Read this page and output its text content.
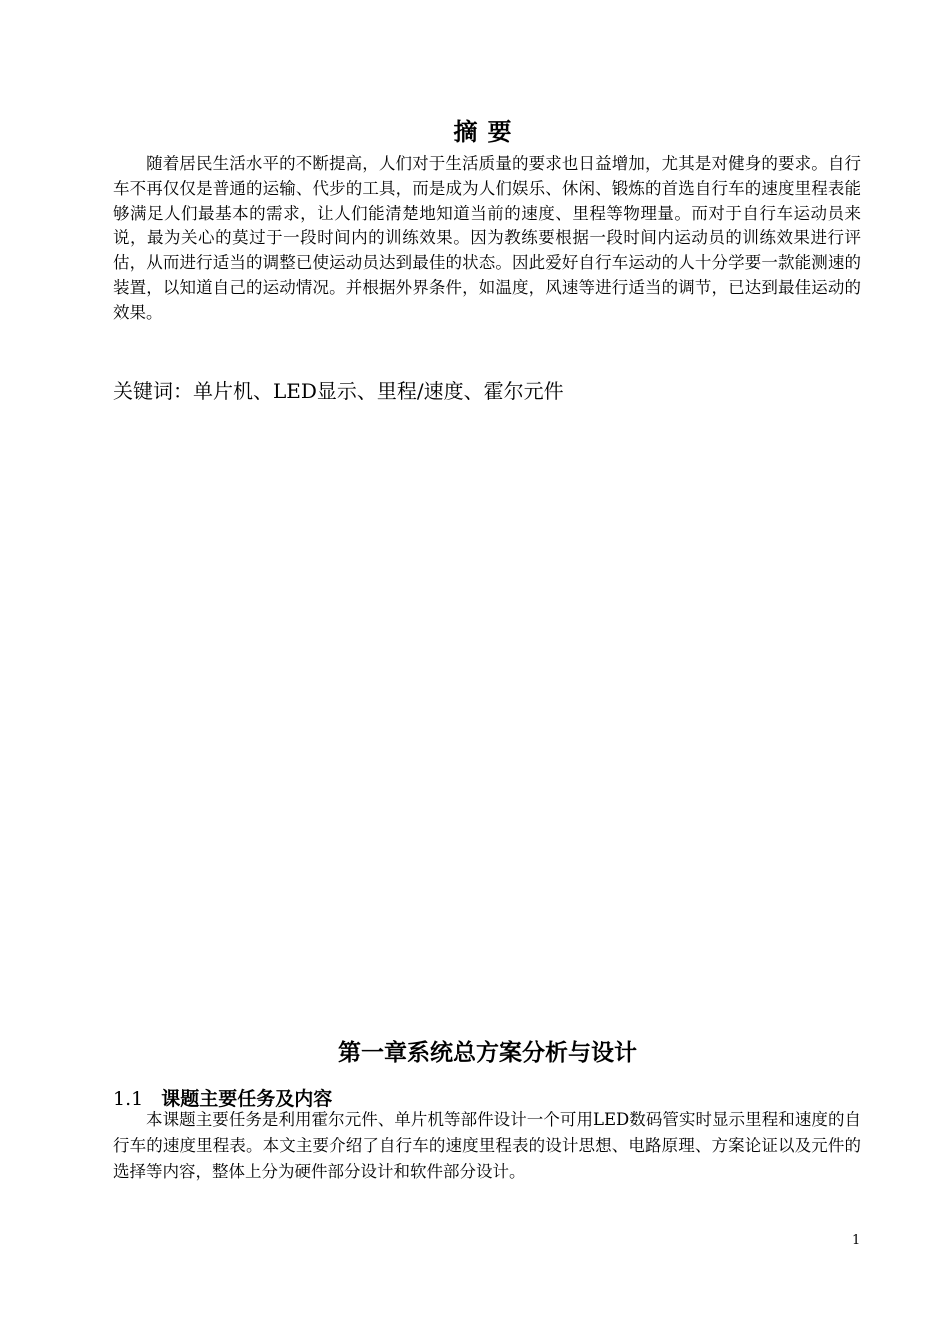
摘要

随着居民生活水平的不断提高，人们对于生活质量的要求也日益增加，尤其是对健身的要求。自行车不再仅仅是普通的运输、代步的工具，而是成为人们娱乐、休闲、锻炼的首选自行车的速度里程表能够满足人们最基本的需求，让人们能清楚地知道当前的速度、里程等物理量。而对于自行车运动员来说，最为关心的莫过于一段时间内的训练效果。因为教练要根据一段时间内运动员的训练效果进行评估，从而进行适当的调整已使运动员达到最佳的状态。因此爱好自行车运动的人十分学要一款能测速的装置，以知道自己的运动情况。并根据外界条件，如温度，风速等进行适当的调节，已达到最佳运动的效果。

关键词：单片机、LED显示、里程/速度、霍尔元件

第一章系统总方案分析与设计
1.1 课题主要任务及内容

本课题主要任务是利用霍尔元件、单片机等部件设计一个可用LED数码管实时显示里程和速度的自行车的速度里程表。本文主要介绍了自行车的速度里程表的设计思想、电路原理、方案论证以及元件的选择等内容，整体上分为硬件部分设计和软件部分设计。

1
